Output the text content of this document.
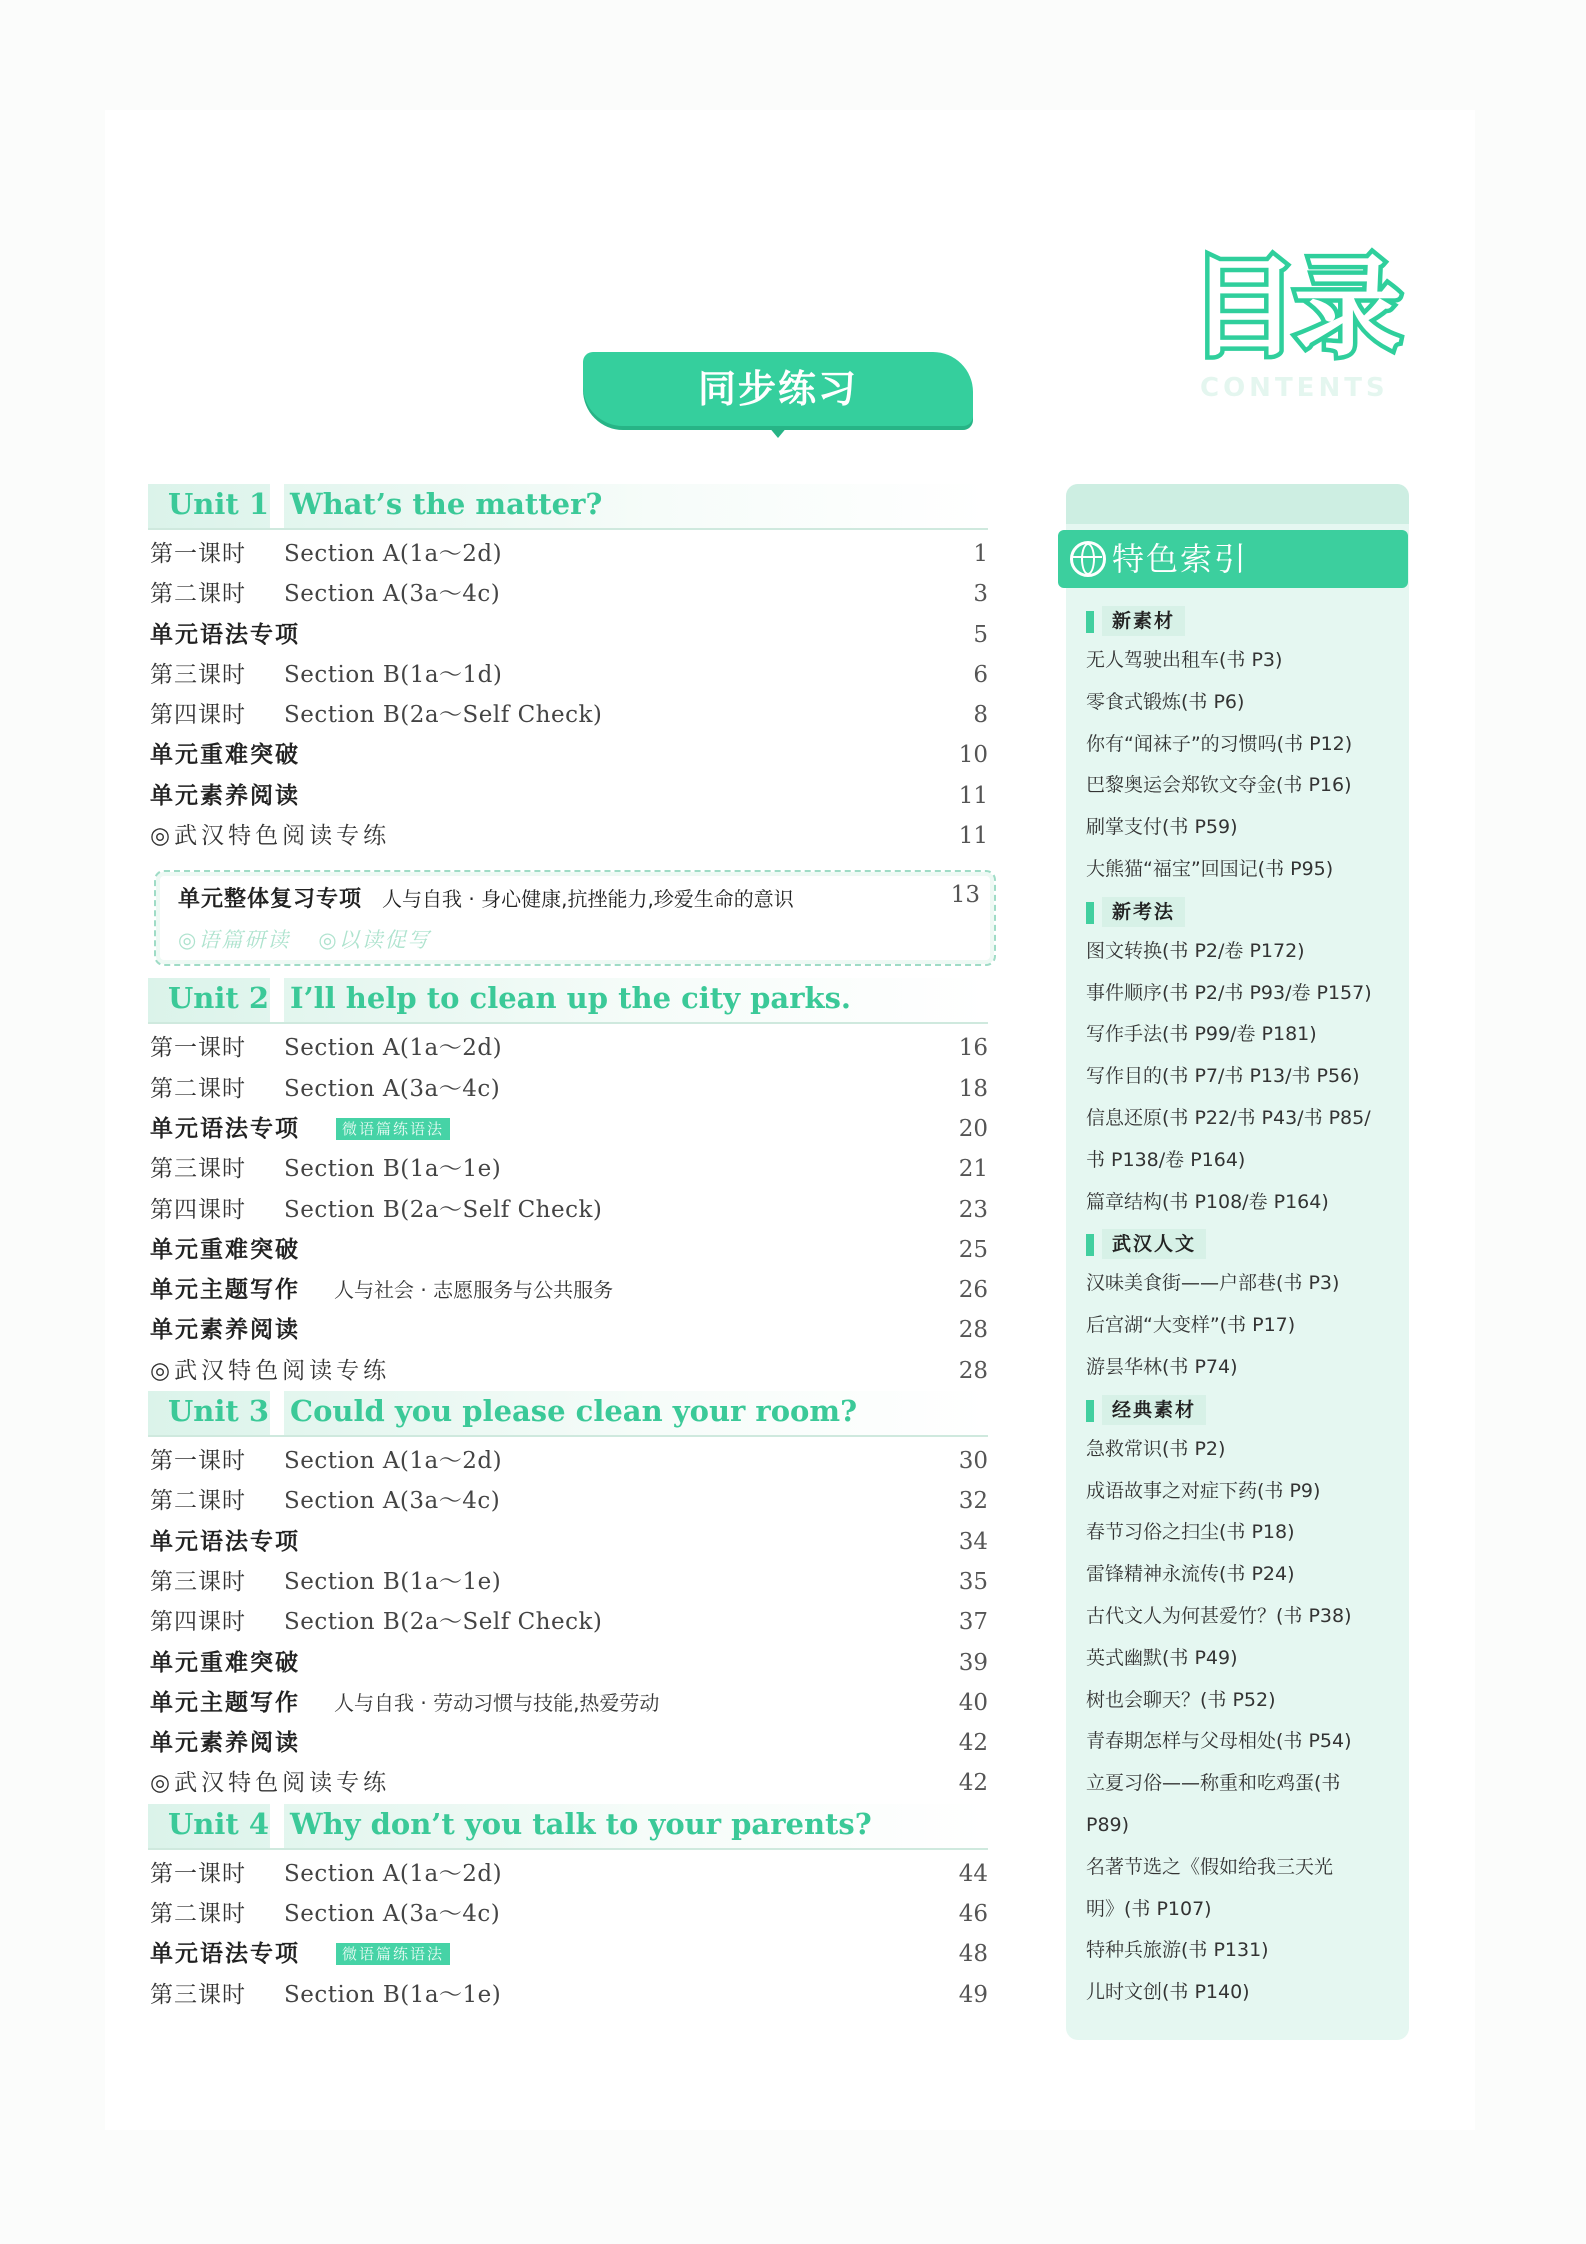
目录
CONTENTS
同步练习
Unit 1 What’s the matter?
第一课时 Section A(1a～2d)	1
第二课时 Section A(3a～4c)	3
单元语法专项	5
第三课时 Section B(1a～1d)	6
第四课时 Section B(2a～Self Check)	8
单元重难突破	10
单元素养阅读	11
◎武汉特色阅读专练	11
单元整体复习专项 人与自我 · 身心健康,抗挫能力,珍爱生命的意识	13
◎语篇研读 ◎以读促写
Unit 2 I’ll help to clean up the city parks.
第一课时 Section A(1a～2d)	16
第二课时 Section A(3a～4c)	18
单元语法专项	微语篇练语法	20
第三课时 Section B(1a～1e)	21
第四课时 Section B(2a～Self Check)	23
单元重难突破	25
单元主题写作 人与社会 · 志愿服务与公共服务	26
单元素养阅读	28
◎武汉特色阅读专练	28
Unit 3 Could you please clean your room?
第一课时 Section A(1a～2d)	30
第二课时 Section A(3a～4c)	32
单元语法专项	34
第三课时 Section B(1a～1e)	35
第四课时 Section B(2a～Self Check)	37
单元重难突破	39
单元主题写作 人与自我 · 劳动习惯与技能,热爱劳动	40
单元素养阅读	42
◎武汉特色阅读专练	42
Unit 4 Why don’t you talk to your parents?
第一课时 Section A(1a～2d)	44
第二课时 Section A(3a～4c)	46
单元语法专项	微语篇练语法	48
第三课时 Section B(1a～1e)	49
特色索引
新素材
无人驾驶出租车(书 P3)
零食式锻炼(书 P6)
你有“闻袜子”的习惯吗(书 P12)
巴黎奥运会郑钦文夺金(书 P16)
刷掌支付(书 P59)
大熊猫“福宝”回国记(书 P95)
新考法
图文转换(书 P2/卷 P172)
事件顺序(书 P2/书 P93/卷 P157)
写作手法(书 P99/卷 P181)
写作目的(书 P7/书 P13/书 P56)
信息还原(书 P22/书 P43/书 P85/
书 P138/卷 P164)
篇章结构(书 P108/卷 P164)
武汉人文
汉味美食街——户部巷(书 P3)
后宫湖“大变样”(书 P17)
游昙华林(书 P74)
经典素材
急救常识(书 P2)
成语故事之对症下药(书 P9)
春节习俗之扫尘(书 P18)
雷锋精神永流传(书 P24)
古代文人为何甚爱竹？(书 P38)
英式幽默(书 P49)
树也会聊天？(书 P52)
青春期怎样与父母相处(书 P54)
立夏习俗——称重和吃鸡蛋(书
P89)
名著节选之《假如给我三天光
明》(书 P107)
特种兵旅游(书 P131)
儿时文创(书 P140)
